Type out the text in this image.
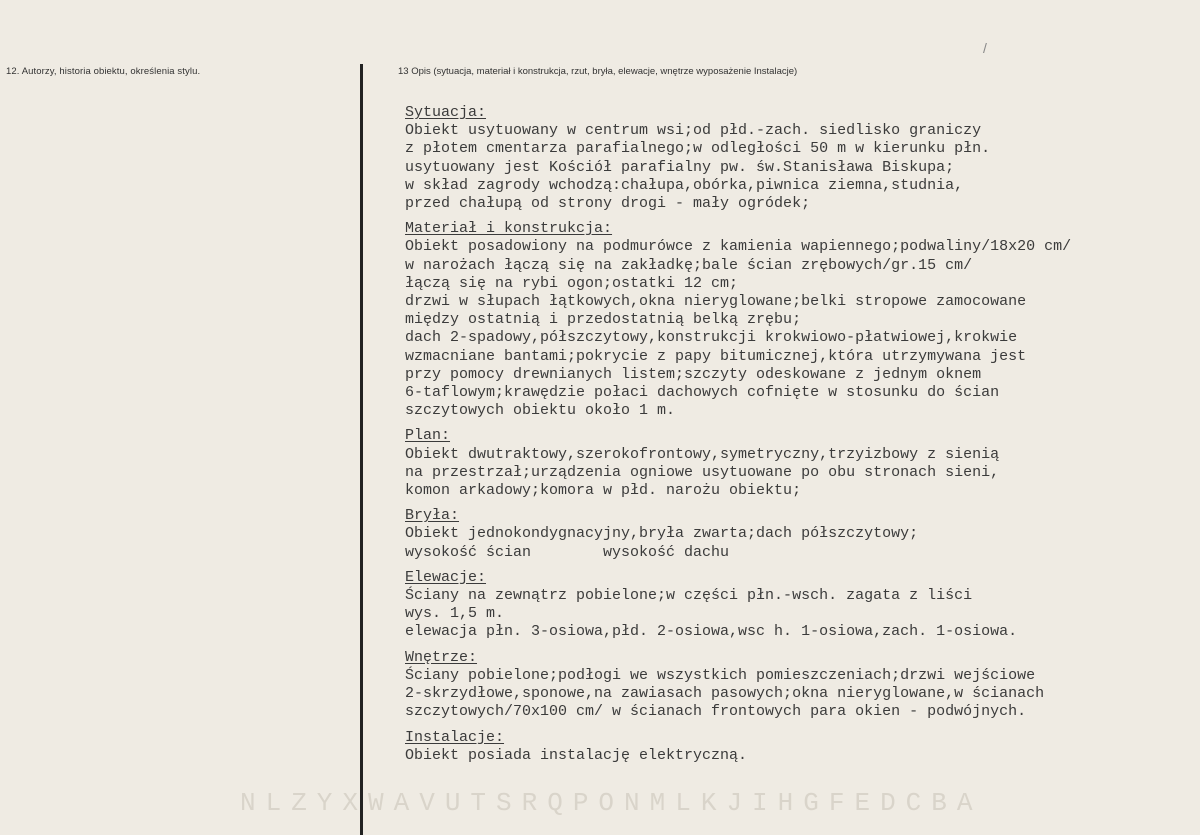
/
12. Autorzy, historia obiektu, określenia stylu.	13 Opis (sytuacja, materiał i konstrukcja, rzut, bryła, elewacje, wnętrze wyposażenie Instalacje)
Sytuacja:
Obiekt usytuowany w centrum wsi;od płd.-zach. siedlisko graniczy
z płotem cmentarza parafialnego;w odległości 50 m w kierunku płn.
usytuowany jest Kościół parafialny pw. św.Stanisława Biskupa;
w skład zagrody wchodzą:chałupa,obórka,piwnica ziemna,studnia,
przed chałupą od strony drogi - mały ogródek;
Materiał i konstrukcja:
Obiekt posadowiony na podmurówce z kamienia wapiennego;podwaliny/18x20 cm/
w narożach łączą się na zakładkę;bale ścian zrębowych/gr.15 cm/
łączą się na rybi ogon;ostatki 12 cm;
drzwi w słupach łątkowych,okna nieryglowane;belki stropowe zamocowane
między ostatnią i przedostatnią belką zrębu;
dach 2-spadowy,półszczytowy,konstrukcji krokwiowo-płatwiowej,krokwie
wzmacniane bantami;pokrycie z papy bitumicznej,która utrzymywana jest
przy pomocy drewnianych listem;szczyty odeskowane z jednym oknem
6-taflowym;krawędzie połaci dachowych cofnięte w stosunku do ścian
szczytowych obiektu około 1 m.
Plan:
Obiekt dwutraktowy,szerokofrontowy,symetryczny,trzyizbowy z sienią
na przestrzał;urządzenia ogniowe usytuowane po obu stronach sieni,
komon arkadowy;komora w płd. narożu obiektu;
Bryła:
Obiekt jednokondygnacyjny,bryła zwarta;dach półszczytowy;
wysokość ścian        wysokość dachu
Elewacje:
Ściany na zewnątrz pobielone;w części płn.-wsch. zagata z liści
wys. 1,5 m.
elewacja płn. 3-osiowa,płd. 2-osiowa,wsc h. 1-osiowa,zach. 1-osiowa.
Wnętrze:
Ściany pobielone;podłogi we wszystkich pomieszczeniach;drzwi wejściowe
2-skrzydłowe,sponowe,na zawiasach pasowych;okna nieryglowane,w ścianach
szczytowych/70x100 cm/ w ścianach frontowych para okien - podwójnych.
Instalacje:
Obiekt posiada instalację elektryczną.
NLZYXWAVUTSRQPONMLKJIHGFEDCBA
